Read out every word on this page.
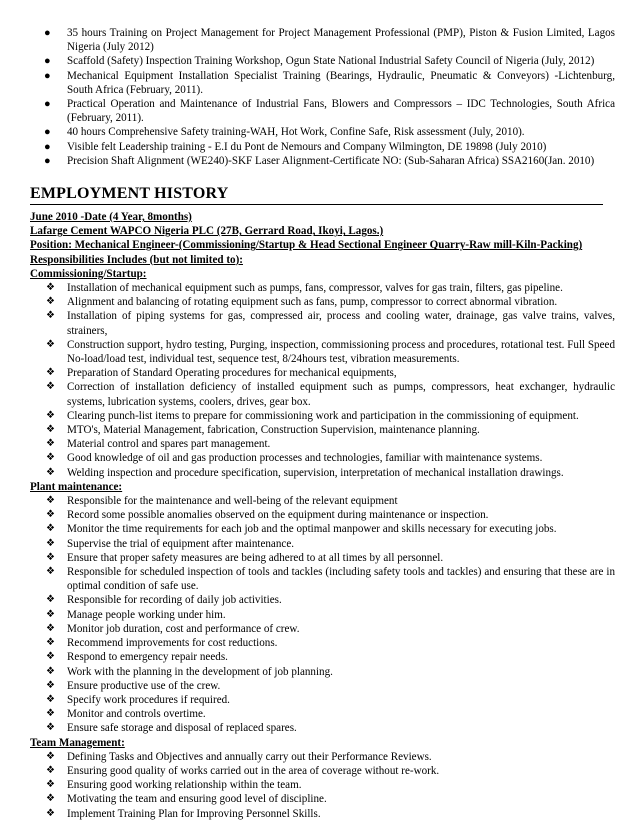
● 35 hours Training on Project Management for Project Management Professional (PMP), Piston & Fusion Limited, Lagos Nigeria (July 2012)
● Scaffold (Safety) Inspection Training Workshop, Ogun State National Industrial Safety Council of Nigeria (July, 2012)
● Mechanical Equipment Installation Specialist Training (Bearings, Hydraulic, Pneumatic & Conveyors) -Lichtenburg, South Africa (February, 2011).
● Practical Operation and Maintenance of Industrial Fans, Blowers and Compressors – IDC Technologies, South Africa (February, 2011).
● 40 hours Comprehensive Safety training-WAH, Hot Work, Confine Safe, Risk assessment (July, 2010).
● Visible felt Leadership training - E.I du Pont de Nemours and Company Wilmington, DE 19898 (July 2010)
● Precision Shaft Alignment (WE240)-SKF Laser Alignment-Certificate NO: (Sub-Saharan Africa) SSA2160(Jan. 2010)
EMPLOYMENT HISTORY
June 2010 -Date (4 Year, 8months)
Lafarge Cement WAPCO Nigeria PLC (27B, Gerrard Road, Ikoyi, Lagos.)
Position: Mechanical Engineer-(Commissioning/Startup & Head Sectional Engineer Quarry-Raw mill-Kiln-Packing)
Responsibilities Includes (but not limited to):
Commissioning/Startup:
❖ Installation of mechanical equipment such as pumps, fans, compressor, valves for gas train, filters, gas pipeline.
❖ Alignment and balancing of rotating equipment such as fans, pump, compressor to correct abnormal vibration.
❖ Installation of piping systems for gas, compressed air, process and cooling water, drainage, gas valve trains, valves, strainers,
❖ Construction support, hydro testing, Purging, inspection, commissioning process and procedures, rotational test. Full Speed No-load/load test, individual test, sequence test, 8/24hours test, vibration measurements.
❖ Preparation of Standard Operating procedures for mechanical equipments,
❖ Correction of installation deficiency of installed equipment such as pumps, compressors, heat exchanger, hydraulic systems, lubrication systems, coolers, drives, gear box.
❖ Clearing punch-list items to prepare for commissioning work and participation in the commissioning of equipment.
❖ MTO's, Material Management, fabrication, Construction Supervision, maintenance planning.
❖ Material control and spares part management.
❖ Good knowledge of oil and gas production processes and technologies, familiar with maintenance systems.
❖ Welding inspection and procedure specification, supervision, interpretation of mechanical installation drawings.
Plant maintenance:
❖ Responsible for the maintenance and well-being of the relevant equipment
❖ Record some possible anomalies observed on the equipment during maintenance or inspection.
❖ Monitor the time requirements for each job and the optimal manpower and skills necessary for executing jobs.
❖ Supervise the trial of equipment after maintenance.
❖ Ensure that proper safety measures are being adhered to at all times by all personnel.
❖ Responsible for scheduled inspection of tools and tackles (including safety tools and tackles) and ensuring that these are in optimal condition of safe use.
❖ Responsible for recording of daily job activities.
❖ Manage people working under him.
❖ Monitor job duration, cost and performance of crew.
❖ Recommend improvements for cost reductions.
❖ Respond to emergency repair needs.
❖ Work with the planning in the development of job planning.
❖ Ensure productive use of the crew.
❖ Specify work procedures if required.
❖ Monitor and controls overtime.
❖ Ensure safe storage and disposal of replaced spares.
Team Management:
❖ Defining Tasks and Objectives and annually carry out their Performance Reviews.
❖ Ensuring good quality of works carried out in the area of coverage without re-work.
❖ Ensuring good working relationship within the team.
❖ Motivating the team and ensuring good level of discipline.
❖ Implement Training Plan for Improving Personnel Skills.
